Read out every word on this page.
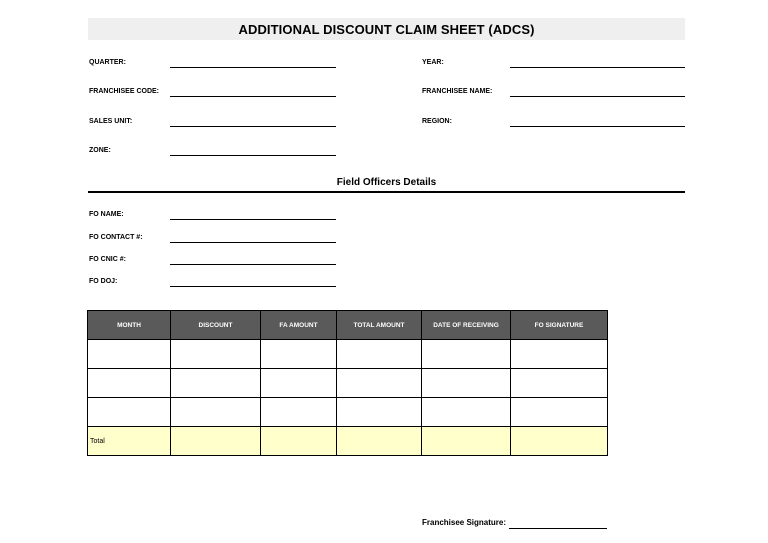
ADDITIONAL DISCOUNT CLAIM SHEET (ADCS)
QUARTER:	YEAR:
FRANCHISEE CODE:	FRANCHISEE NAME:
SALES UNIT:	REGION:
ZONE:
Field Officers Details
FO NAME:
FO CONTACT #:
FO CNIC #:
FO DOJ:
MONTH	DISCOUNT	FA AMOUNT	TOTAL AMOUNT	DATE OF RECEIVING	FO SIGNATURE

Total					
Franchisee Signature:
